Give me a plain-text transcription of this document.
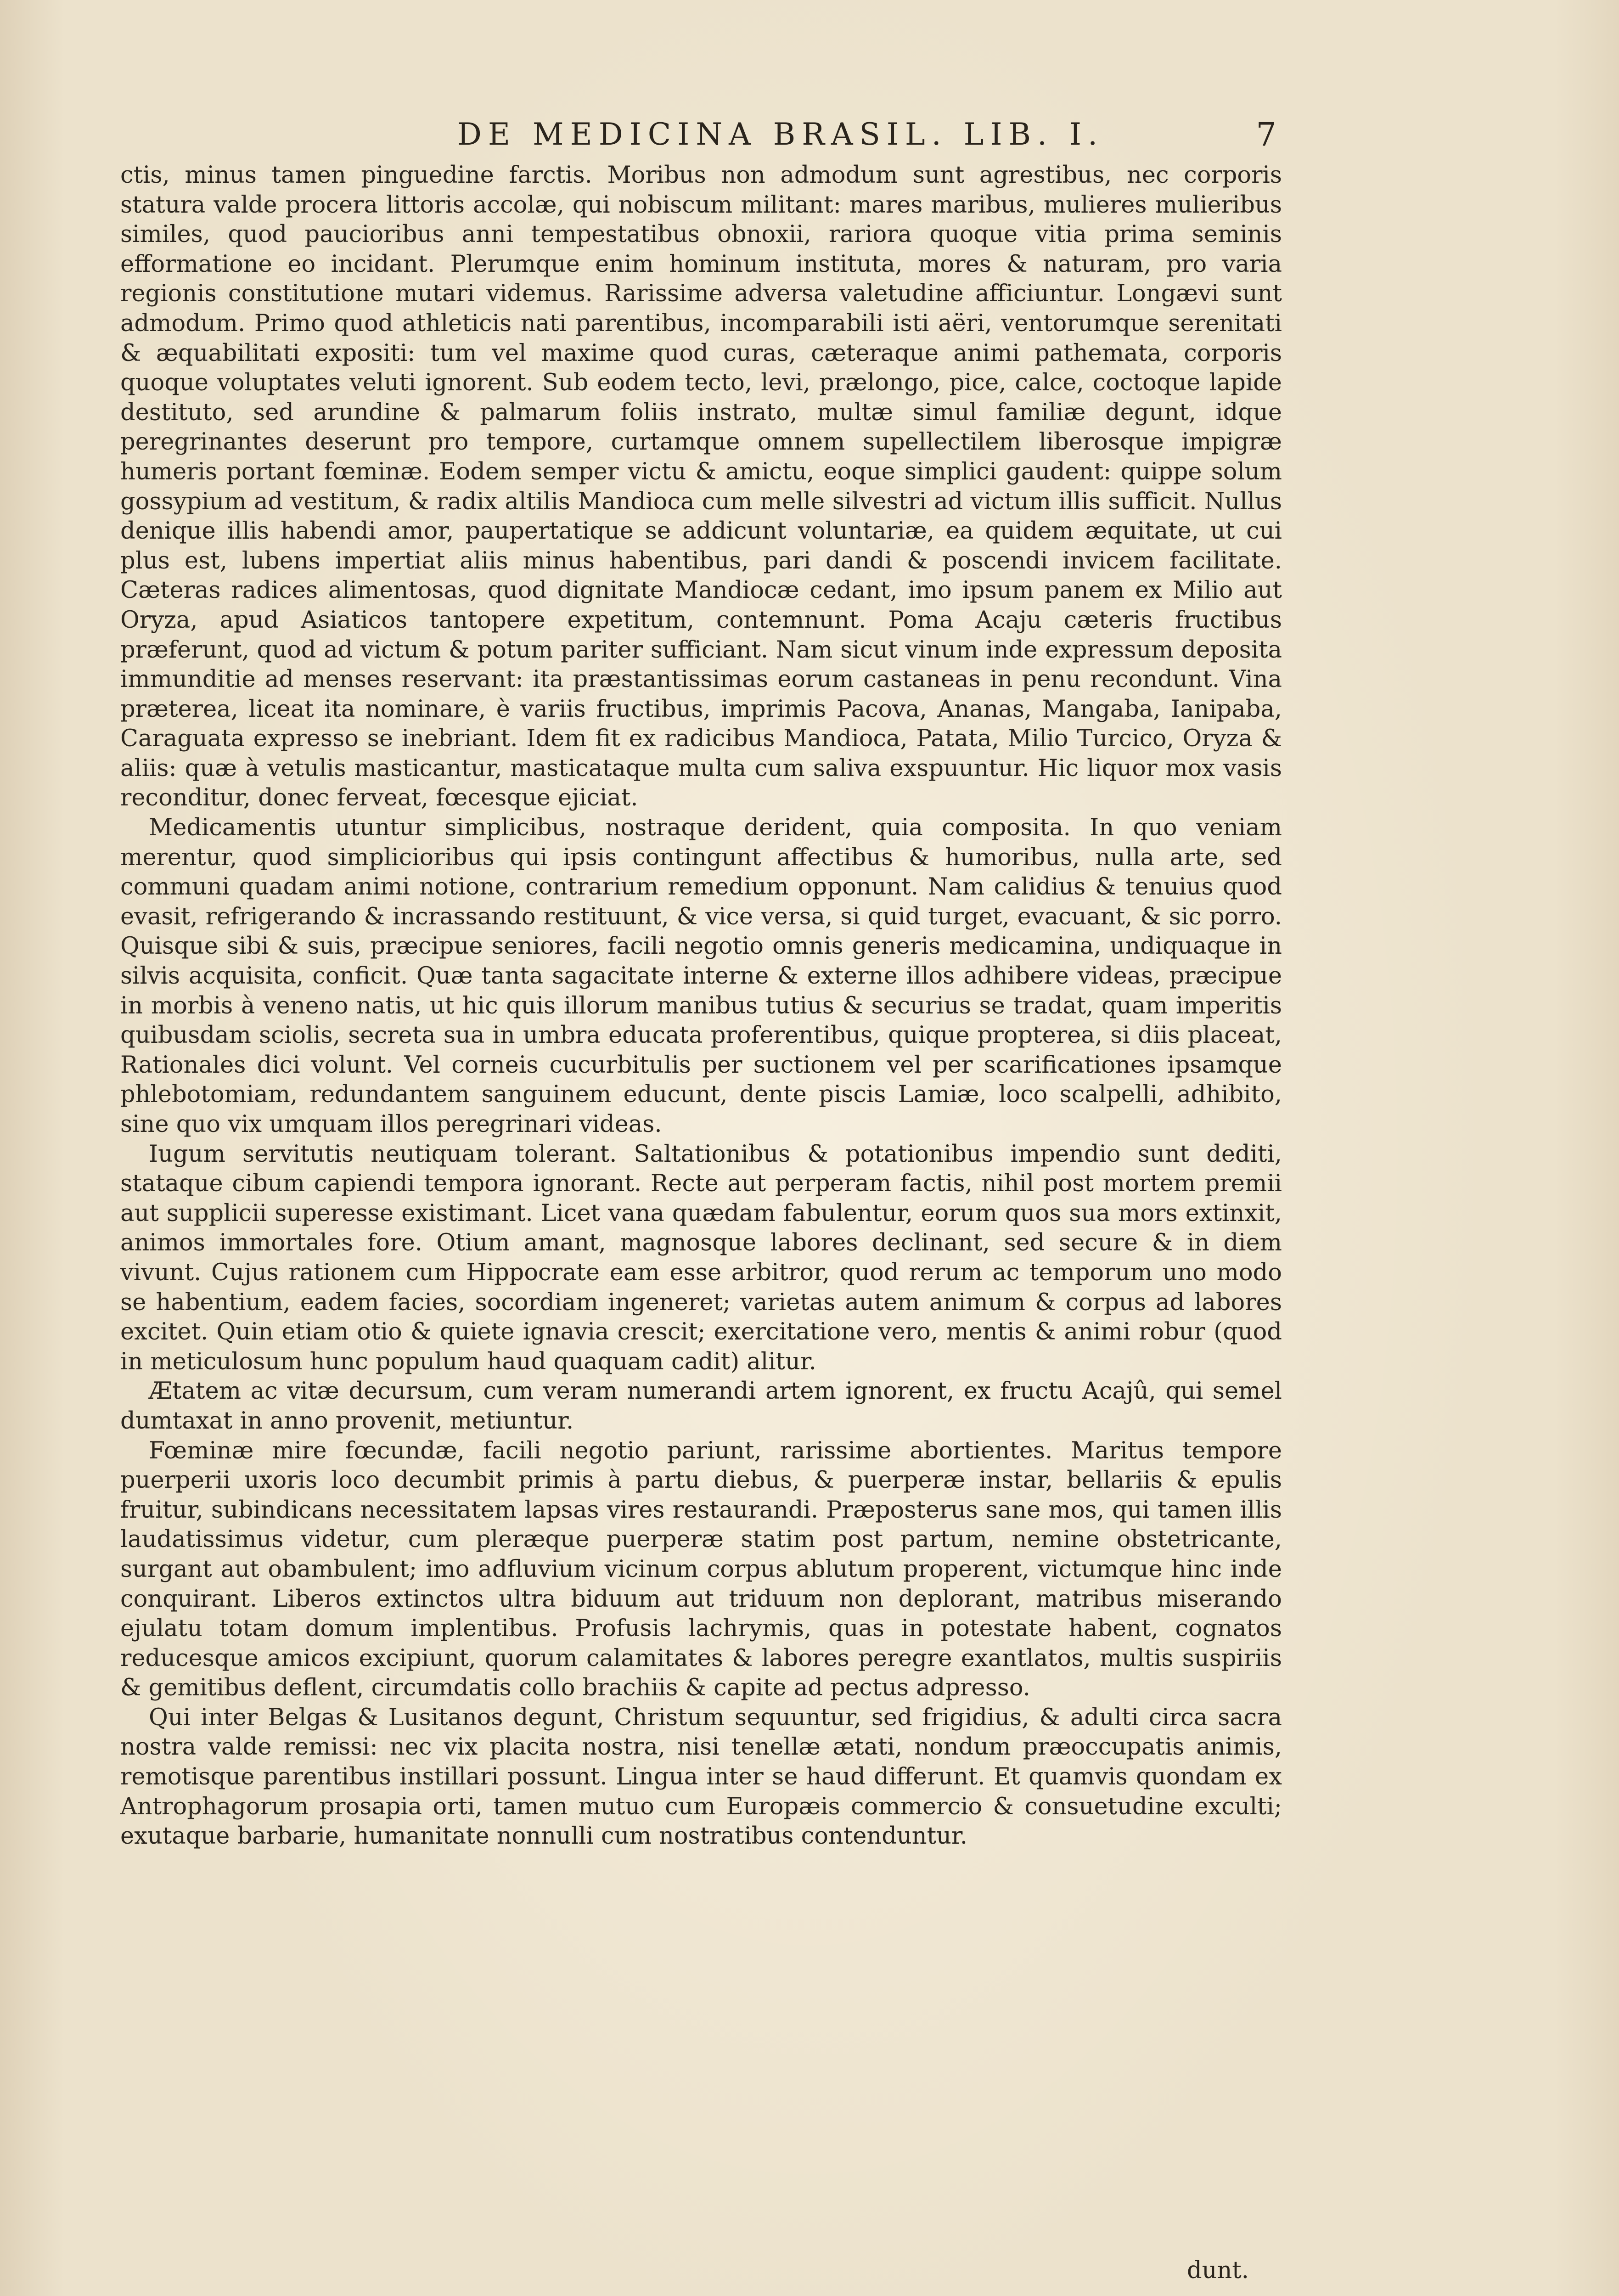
DE MEDICINA BRASIL. LIB. I.	7

ctis, minus tamen pinguedine farctis. Moribus non admodum sunt agrestibus, nec corporis statura valde procera littoris accolæ, qui nobiscum militant: mares maribus, mulieres mulieribus similes, quod paucioribus anni tempestatibus obnoxii, rariora quoque vitia prima seminis efformatione eo incidant. Plerumque enim hominum instituta, mores & naturam, pro varia regionis constitutione mutari videmus. Rarissime adversa valetudine afficiuntur. Longævi sunt admodum. Primo quod athleticis nati parentibus, incomparabili isti aëri, ventorumque serenitati & æquabilitati expositi: tum vel maxime quod curas, cæteraque animi pathemata, corporis quoque voluptates veluti ignorent. Sub eodem tecto, levi, prælongo, pice, calce, coctoque lapide destituto, sed arundine & palmarum foliis instrato, multæ simul familiæ degunt, idque peregrinantes deserunt pro tempore, curtamque omnem supellectilem liberosque impigræ humeris portant fœminæ. Eodem semper victu & amictu, eoque simplici gaudent: quippe solum gossypium ad vestitum, & radix altilis Mandioca cum melle silvestri ad victum illis sufficit. Nullus denique illis habendi amor, paupertatique se addicunt voluntariæ, ea quidem æquitate, ut cui plus est, lubens impertiat aliis minus habentibus, pari dandi & poscendi invicem facilitate. Cæteras radices alimentosas, quod dignitate Mandiocæ cedant, imo ipsum panem ex Milio aut Oryza, apud Asiaticos tantopere expetitum, contemnunt. Poma Acaju cæteris fructibus præferunt, quod ad victum & potum pariter sufficiant. Nam sicut vinum inde expressum deposita immunditie ad menses reservant: ita præstantissimas eorum castaneas in penu recondunt. Vina præterea, liceat ita nominare, è variis fructibus, imprimis Pacova, Ananas, Mangaba, Ianipaba, Caraguata expresso se inebriant. Idem fit ex radicibus Mandioca, Patata, Milio Turcico, Oryza & aliis: quæ à vetulis masticantur, masticataque multa cum saliva exspuuntur. Hic liquor mox vasis reconditur, donec ferveat, fœcesque ejiciat.

Medicamentis utuntur simplicibus, nostraque derident, quia composita. In quo veniam merentur, quod simplicioribus qui ipsis contingunt affectibus & humoribus, nulla arte, sed communi quadam animi notione, contrarium remedium opponunt. Nam calidius & tenuius quod evasit, refrigerando & incrassando restituunt, & vice versa, si quid turget, evacuant, & sic porro. Quisque sibi & suis, præcipue seniores, facili negotio omnis generis medicamina, undiquaque in silvis acquisita, conficit. Quæ tanta sagacitate interne & externe illos adhibere videas, præcipue in morbis à veneno natis, ut hic quis illorum manibus tutius & securius se tradat, quam imperitis quibusdam sciolis, secreta sua in umbra educata proferentibus, quique propterea, si diis placeat, Rationales dici volunt. Vel corneis cucurbitulis per suctionem vel per scarificationes ipsamque phlebotomiam, redundantem sanguinem educunt, dente piscis Lamiæ, loco scalpelli, adhibito, sine quo vix umquam illos peregrinari videas.

Iugum servitutis neutiquam tolerant. Saltationibus & potationibus impendio sunt dediti, stataque cibum capiendi tempora ignorant. Recte aut perperam factis, nihil post mortem premii aut supplicii superesse existimant. Licet vana quædam fabulentur, eorum quos sua mors extinxit, animos immortales fore. Otium amant, magnosque labores declinant, sed secure & in diem vivunt. Cujus rationem cum Hippocrate eam esse arbitror, quod rerum ac temporum uno modo se habentium, eadem facies, socordiam ingeneret; varietas autem animum & corpus ad labores excitet. Quin etiam otio & quiete ignavia crescit; exercitatione vero, mentis & animi robur (quod in meticulosum hunc populum haud quaquam cadit) alitur.

Ætatem ac vitæ decursum, cum veram numerandi artem ignorent, ex fructu Acajû, qui semel dumtaxat in anno provenit, metiuntur.

Fœminæ mire fœcundæ, facili negotio pariunt, rarissime abortientes. Maritus tempore puerperii uxoris loco decumbit primis à partu diebus, & puerperæ instar, bellariis & epulis fruitur, subindicans necessitatem lapsas vires restaurandi. Præposterus sane mos, qui tamen illis laudatissimus videtur, cum pleræque puerperæ statim post partum, nemine obstetricante, surgant aut obambulent; imo adfluvium vicinum corpus ablutum properent, victumque hinc inde conquirant. Liberos extinctos ultra biduum aut triduum non deplorant, matribus miserando ejulatu totam domum implentibus. Profusis lachrymis, quas in potestate habent, cognatos reducesque amicos excipiunt, quorum calamitates & labores peregre exantlatos, multis suspiriis & gemitibus deflent, circumdatis collo brachiis & capite ad pectus adpresso.

Qui inter Belgas & Lusitanos degunt, Christum sequuntur, sed frigidius, & adulti circa sacra nostra valde remissi: nec vix placita nostra, nisi tenellæ ætati, nondum præoccupatis animis, remotisque parentibus instillari possunt. Lingua inter se haud differunt. Et quamvis quondam ex Antrophagorum prosapia orti, tamen mutuo cum Europæis commercio & consuetudine exculti; exutaque barbarie, humanitate nonnulli cum nostratibus contenduntur.

dunt.
